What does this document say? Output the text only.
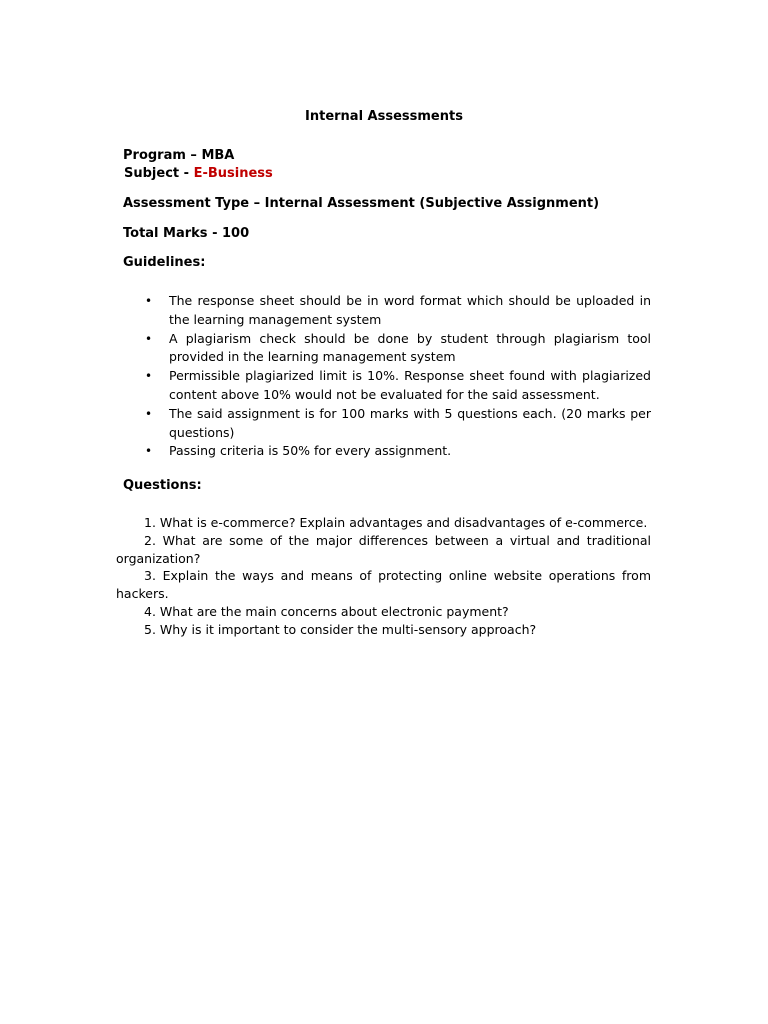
Internal Assessments
Program – MBA
Subject - E-Business
Assessment Type – Internal Assessment (Subjective Assignment)
Total Marks - 100
Guidelines:
• The response sheet should be in word format which should be uploaded in the learning management system
• A plagiarism check should be done by student through plagiarism tool provided in the learning management system
• Permissible plagiarized limit is 10%. Response sheet found with plagiarized content above 10% would not be evaluated for the said assessment.
• The said assignment is for 100 marks with 5 questions each. (20 marks per questions)
• Passing criteria is 50% for every assignment.
Questions:
1. What is e-commerce? Explain advantages and disadvantages of e-commerce.
2. What are some of the major differences between a virtual and traditional organization?
3. Explain the ways and means of protecting online website operations from hackers.
4. What are the main concerns about electronic payment?
5. Why is it important to consider the multi-sensory approach?
